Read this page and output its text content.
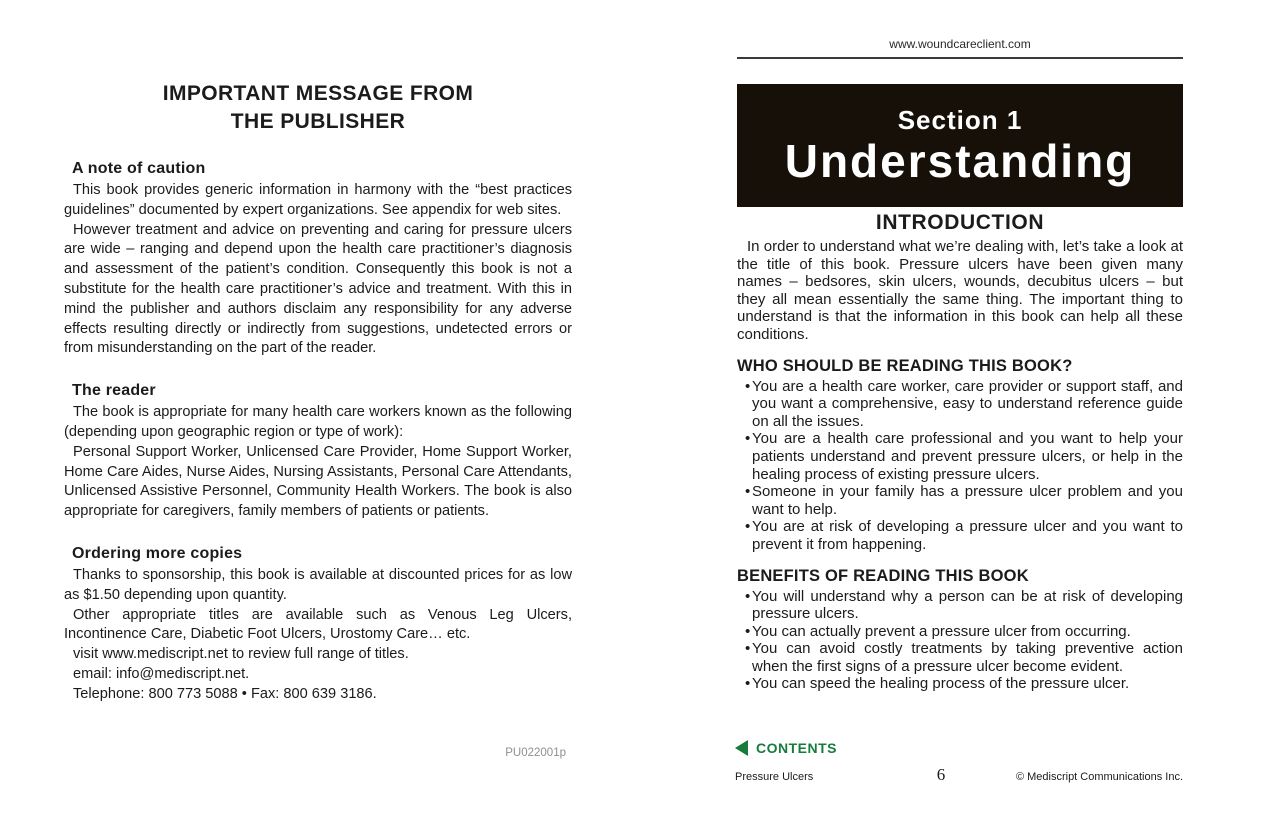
IMPORTANT MESSAGE FROM
THE PUBLISHER
A note of caution

This book provides generic information in harmony with the “best practices guidelines” documented by expert organizations. See appendix for web sites.

However treatment and advice on preventing and caring for pressure ulcers are wide – ranging and depend upon the health care practitioner’s diagnosis and assessment of the patient’s condition. Consequently this book is not a substitute for the health care practitioner’s advice and treatment. With this in mind the publisher and authors disclaim any responsibility for any adverse effects resulting directly or indirectly from suggestions, undetected errors or from misunderstanding on the part of the reader.

The reader

The book is appropriate for many health care workers known as the following (depending upon geographic region or type of work):

Personal Support Worker, Unlicensed Care Provider, Home Support Worker, Home Care Aides, Nurse Aides, Nursing Assistants, Personal Care Attendants, Unlicensed Assistive Personnel, Community Health Workers. The book is also appropriate for caregivers, family members of patients or patients.

Ordering more copies

Thanks to sponsorship, this book is available at discounted prices for as low as $1.50 depending upon quantity.

Other appropriate titles are available such as Venous Leg Ulcers, Incontinence Care, Diabetic Foot Ulcers, Urostomy Care… etc.

visit www.mediscript.net to review full range of titles.

email: info@mediscript.net.

Telephone: 800 773 5088 • Fax: 800 639 3186.

PU022001p
www.woundcareclient.com
Section 1
Understanding
INTRODUCTION

In order to understand what we’re dealing with, let’s take a look at the title of this book. Pressure ulcers have been given many names – bedsores, skin ulcers, wounds, decubitus ulcers – but they all mean essentially the same thing. The important thing to understand is that the information in this book can help all these conditions.

WHO SHOULD BE READING THIS BOOK?
• You are a health care worker, care provider or support staff, and you want a comprehensive, easy to understand reference guide on all the issues.
• You are a health care professional and you want to help your patients understand and prevent pressure ulcers, or help in the healing process of existing pressure ulcers.
• Someone in your family has a pressure ulcer problem and you want to help.
• You are at risk of developing a pressure ulcer and you want to prevent it from happening.
BENEFITS OF READING THIS BOOK
• You will understand why a person can be at risk of developing pressure ulcers.
• You can actually prevent a pressure ulcer from occurring.
• You can avoid costly treatments by taking preventive action when the first signs of a pressure ulcer become evident.
• You can speed the healing process of the pressure ulcer.
CONTENTS
Pressure Ulcers	6	© Mediscript Communications Inc.
